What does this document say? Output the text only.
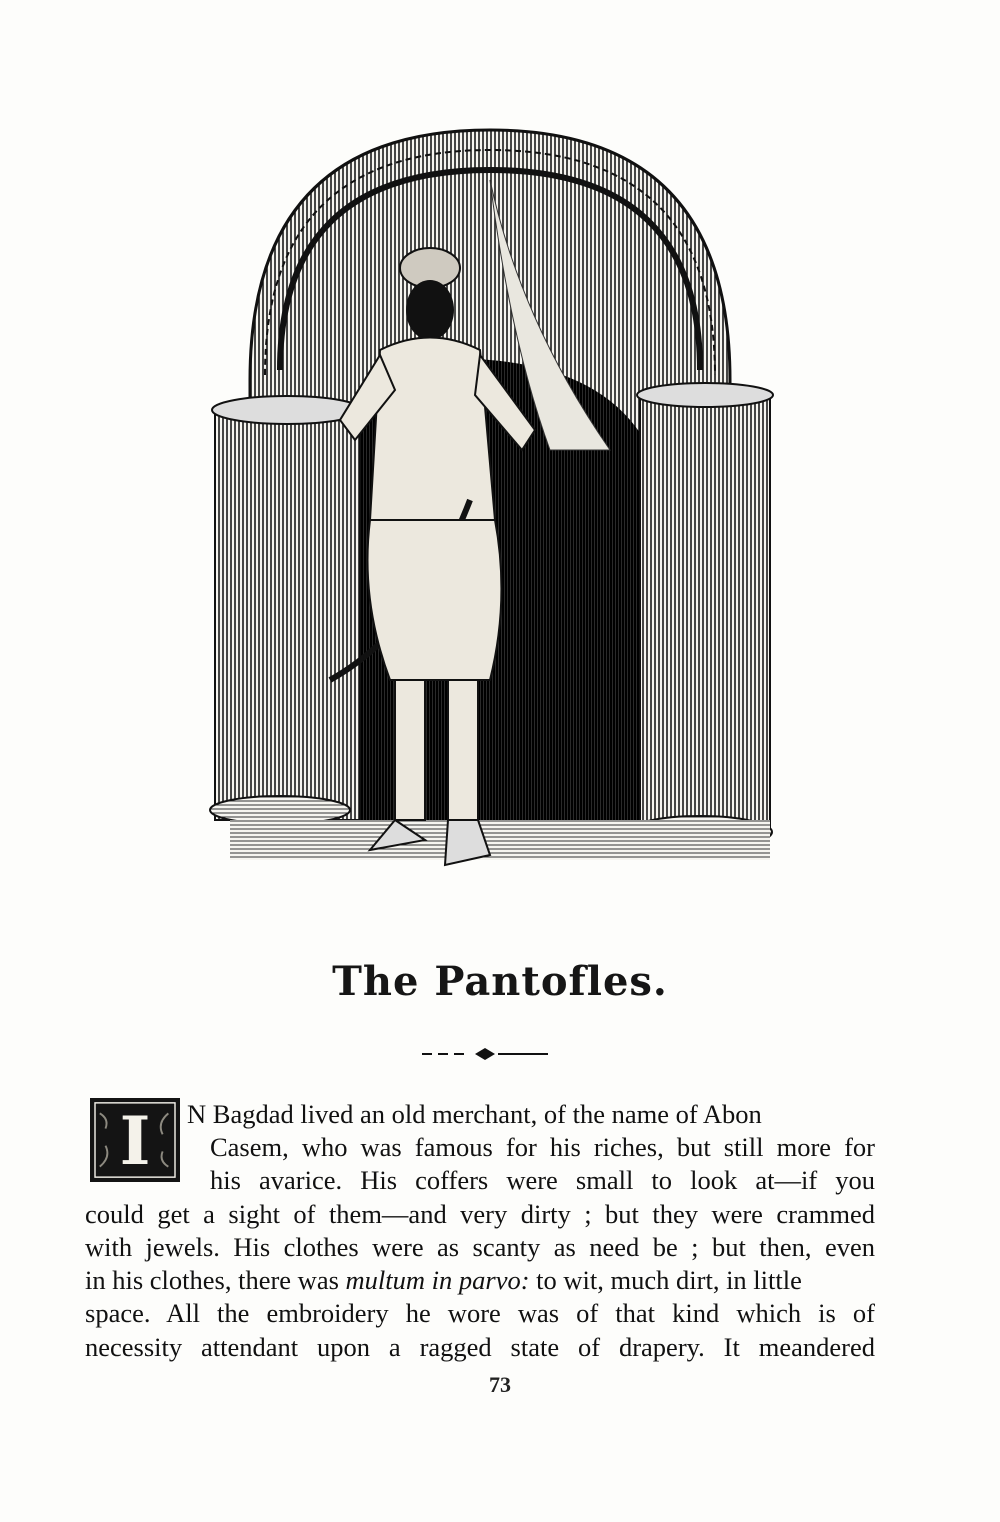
The Pantofles.
I	N Bagdad lived an old merchant, of the name of Abon
Casem, who was famous for his riches, but still more for
his avarice. His coffers were small to look at—if you
could get a sight of them—and very dirty ; but they were crammed
with jewels. His clothes were as scanty as need be ; but then, even
in his clothes, there was multum in parvo: to wit, much dirt, in little
space. All the embroidery he wore was of that kind which is of
necessity attendant upon a ragged state of drapery. It meandered
73
